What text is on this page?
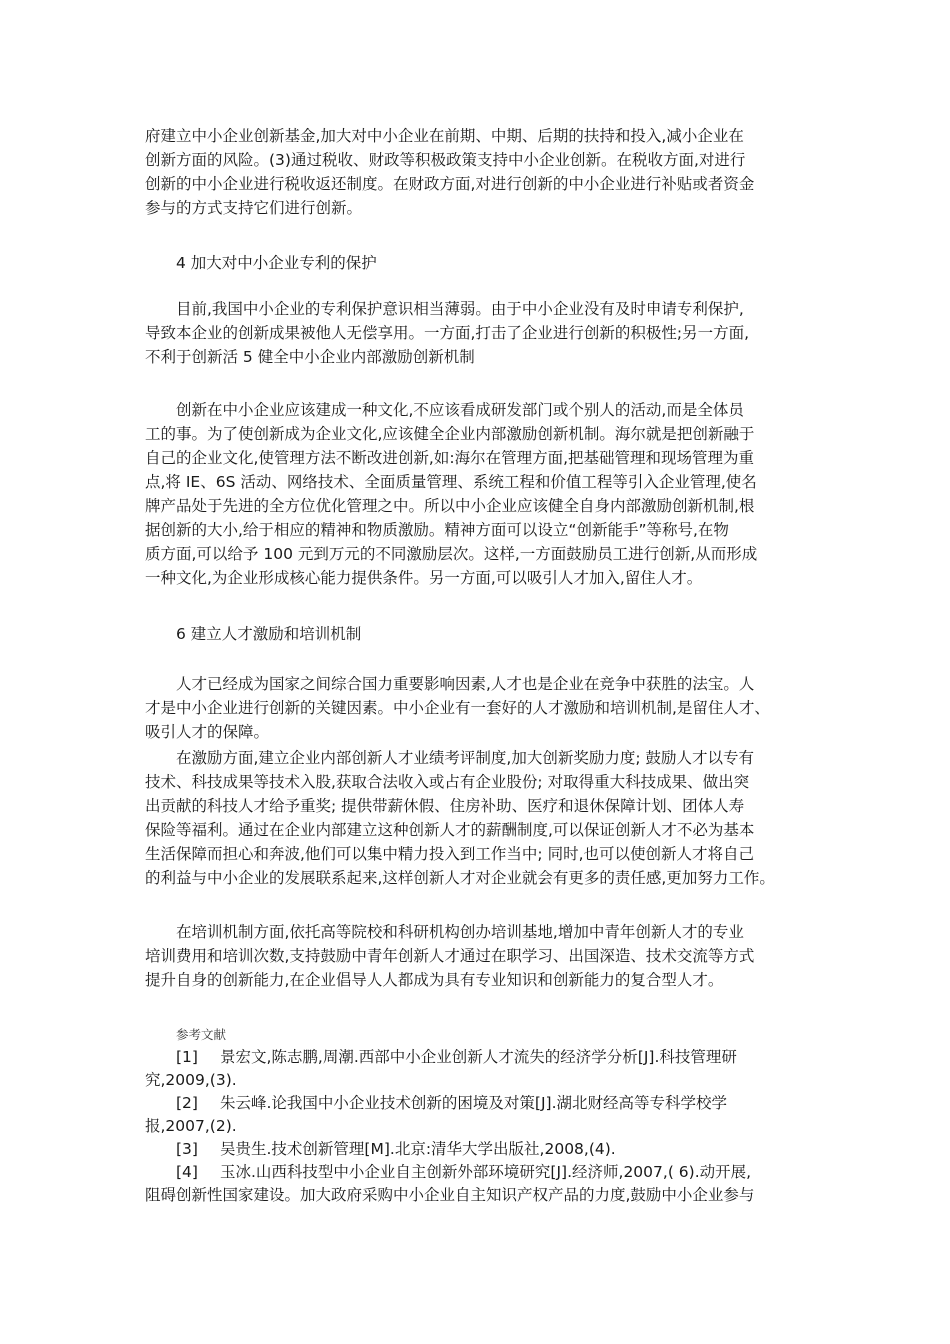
府建立中小企业创新基金,加大对中小企业在前期、中期、后期的扶持和投入,减小企业在
创新方面的风险。(3)通过税收、财政等积极政策支持中小企业创新。在税收方面,对进行
创新的中小企业进行税收返还制度。在财政方面,对进行创新的中小企业进行补贴或者资金
参与的方式支持它们进行创新。
4 加大对中小企业专利的保护
目前,我国中小企业的专利保护意识相当薄弱。由于中小企业没有及时申请专利保护,
导致本企业的创新成果被他人无偿享用。一方面,打击了企业进行创新的积极性;另一方面,
不利于创新活 5 健全中小企业内部激励创新机制
创新在中小企业应该建成一种文化,不应该看成研发部门或个别人的活动,而是全体员
工的事。为了使创新成为企业文化,应该健全企业内部激励创新机制。海尔就是把创新融于
自己的企业文化,使管理方法不断改进创新,如:海尔在管理方面,把基础管理和现场管理为重
点,将 IE、6S 活动、网络技术、全面质量管理、系统工程和价值工程等引入企业管理,使名
牌产品处于先进的全方位优化管理之中。所以中小企业应该健全自身内部激励创新机制,根
据创新的大小,给于相应的精神和物质激励。精神方面可以设立“创新能手”等称号,在物
质方面,可以给予 100 元到万元的不同激励层次。这样,一方面鼓励员工进行创新,从而形成
一种文化,为企业形成核心能力提供条件。另一方面,可以吸引人才加入,留住人才。
6 建立人才激励和培训机制
人才已经成为国家之间综合国力重要影响因素,人才也是企业在竞争中获胜的法宝。人
才是中小企业进行创新的关键因素。中小企业有一套好的人才激励和培训机制,是留住人才、
吸引人才的保障。
在激励方面,建立企业内部创新人才业绩考评制度,加大创新奖励力度; 鼓励人才以专有
技术、科技成果等技术入股,获取合法收入或占有企业股份; 对取得重大科技成果、做出突
出贡献的科技人才给予重奖; 提供带薪休假、住房补助、医疗和退休保障计划、团体人寿
保险等福利。通过在企业内部建立这种创新人才的薪酬制度,可以保证创新人才不必为基本
生活保障而担心和奔波,他们可以集中精力投入到工作当中; 同时,也可以使创新人才将自己
的利益与中小企业的发展联系起来,这样创新人才对企业就会有更多的责任感,更加努力工作。
在培训机制方面,依托高等院校和科研机构创办培训基地,增加中青年创新人才的专业
培训费用和培训次数,支持鼓励中青年创新人才通过在职学习、出国深造、技术交流等方式
提升自身的创新能力,在企业倡导人人都成为具有专业知识和创新能力的复合型人才。
参考文献
[1] 景宏文,陈志鹏,周潮.西部中小企业创新人才流失的经济学分析[J].科技管理研
究,2009,(3).
[2] 朱云峰.论我国中小企业技术创新的困境及对策[J].湖北财经高等专科学校学
报,2007,(2).
[3] 吴贵生.技术创新管理[M].北京:清华大学出版社,2008,(4).
[4] 玉冰.山西科技型中小企业自主创新外部环境研究[J].经济师,2007,( 6).动开展,
阻碍创新性国家建设。加大政府采购中小企业自主知识产权产品的力度,鼓励中小企业参与
